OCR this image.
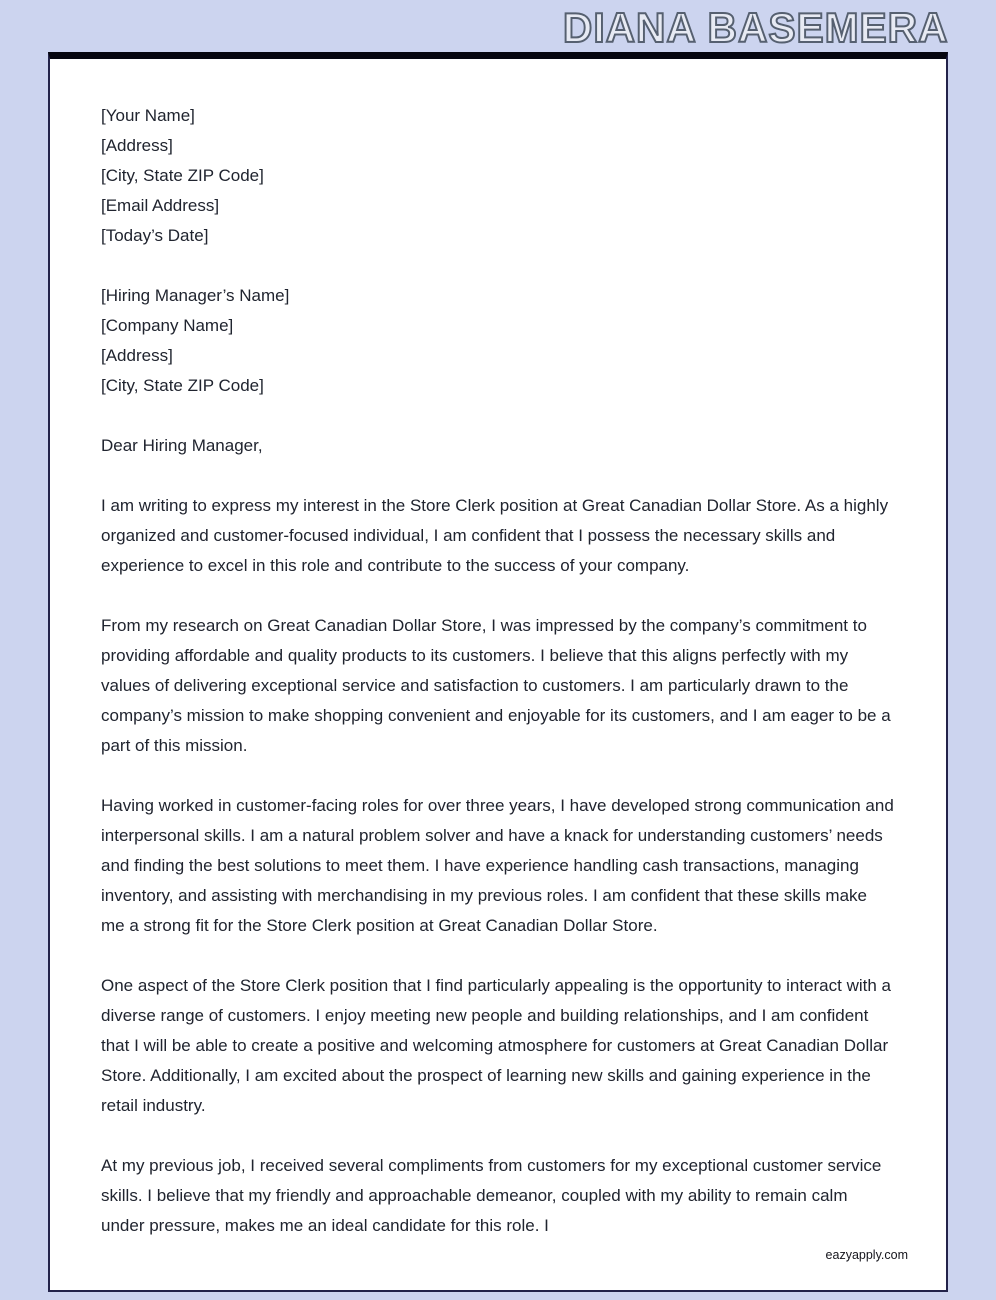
DIANA BASEMERA
[Your Name]
[Address]
[City, State ZIP Code]
[Email Address]
[Today’s Date]
[Hiring Manager’s Name]
[Company Name]
[Address]
[City, State ZIP Code]
Dear Hiring Manager,
I am writing to express my interest in the Store Clerk position at Great Canadian Dollar Store. As a highly organized and customer-focused individual, I am confident that I possess the necessary skills and experience to excel in this role and contribute to the success of your company.
From my research on Great Canadian Dollar Store, I was impressed by the company’s commitment to providing affordable and quality products to its customers. I believe that this aligns perfectly with my values of delivering exceptional service and satisfaction to customers. I am particularly drawn to the company’s mission to make shopping convenient and enjoyable for its customers, and I am eager to be a part of this mission.
Having worked in customer-facing roles for over three years, I have developed strong communication and interpersonal skills. I am a natural problem solver and have a knack for understanding customers’ needs and finding the best solutions to meet them. I have experience handling cash transactions, managing inventory, and assisting with merchandising in my previous roles. I am confident that these skills make me a strong fit for the Store Clerk position at Great Canadian Dollar Store.
One aspect of the Store Clerk position that I find particularly appealing is the opportunity to interact with a diverse range of customers. I enjoy meeting new people and building relationships, and I am confident that I will be able to create a positive and welcoming atmosphere for customers at Great Canadian Dollar Store. Additionally, I am excited about the prospect of learning new skills and gaining experience in the retail industry.
At my previous job, I received several compliments from customers for my exceptional customer service skills. I believe that my friendly and approachable demeanor, coupled with my ability to remain calm under pressure, makes me an ideal candidate for this role. I
eazyapply.com
